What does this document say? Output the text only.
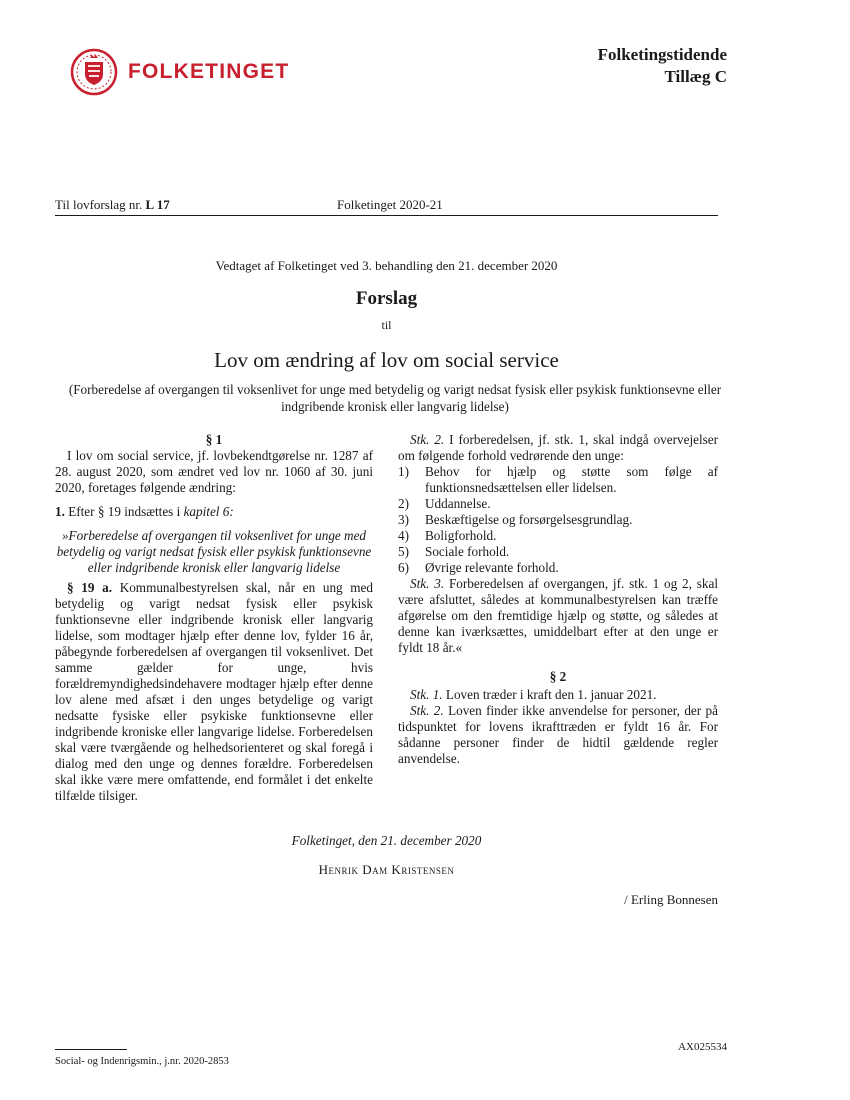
FOLKETINGET
Folketingstidende
Tillæg C
Til lovforslag nr. L 17	Folketinget 2020-21
Vedtaget af Folketinget ved 3. behandling den 21. december 2020
Forslag
til
Lov om ændring af lov om social service
(Forberedelse af overgangen til voksenlivet for unge med betydelig og varigt nedsat fysisk eller psykisk funktionsevne eller indgribende kronisk eller langvarig lidelse)

§ 1

I lov om social service, jf. lovbekendtgørelse nr. 1287 af 28. august 2020, som ændret ved lov nr. 1060 af 30. juni 2020, foretages følgende ændring:

1. Efter § 19 indsættes i kapitel 6:

»Forberedelse af overgangen til voksenlivet for unge med betydelig og varigt nedsat fysisk eller psykisk funktionsevne eller indgribende kronisk eller langvarig lidelse

§ 19 a. Kommunalbestyrelsen skal, når en ung med betydelig og varigt nedsat fysisk eller psykisk funktionsevne eller indgribende kronisk eller langvarig lidelse, som modtager hjælp efter denne lov, fylder 16 år, påbegynde forberedelsen af overgangen til voksenlivet. Det samme gælder for unge, hvis forældremyndighedsindehavere modtager hjælp efter denne lov alene med afsæt i den unges betydelige og varigt nedsatte fysiske eller psykiske funktionsevne eller indgribende kroniske eller langvarige lidelse. Forberedelsen skal være tværgående og helhedsorienteret og skal foregå i dialog med den unge og dennes forældre. Forberedelsen skal ikke være mere omfattende, end formålet i det enkelte tilfælde tilsiger.

Stk. 2. I forberedelsen, jf. stk. 1, skal indgå overvejelser om følgende forhold vedrørende den unge:

1)	Behov for hjælp og støtte som følge af funktionsnedsættelsen eller lidelsen.
2)	Uddannelse.
3)	Beskæftigelse og forsørgelsesgrundlag.
4)	Boligforhold.
5)	Sociale forhold.
6)	Øvrige relevante forhold.

Stk. 3. Forberedelsen af overgangen, jf. stk. 1 og 2, skal være afsluttet, således at kommunalbestyrelsen kan træffe afgørelse om den fremtidige hjælp og støtte, og således at denne kan iværksættes, umiddelbart efter at den unge er fyldt 18 år.«

§ 2

Stk. 1. Loven træder i kraft den 1. januar 2021.

Stk. 2. Loven finder ikke anvendelse for personer, der på tidspunktet for lovens ikrafttræden er fyldt 16 år. For sådanne personer finder de hidtil gældende regler anvendelse.

Folketinget, den 21. december 2020
Henrik Dam Kristensen
/ Erling Bonnesen
AX025534
Social- og Indenrigsmin., j.nr. 2020-2853
